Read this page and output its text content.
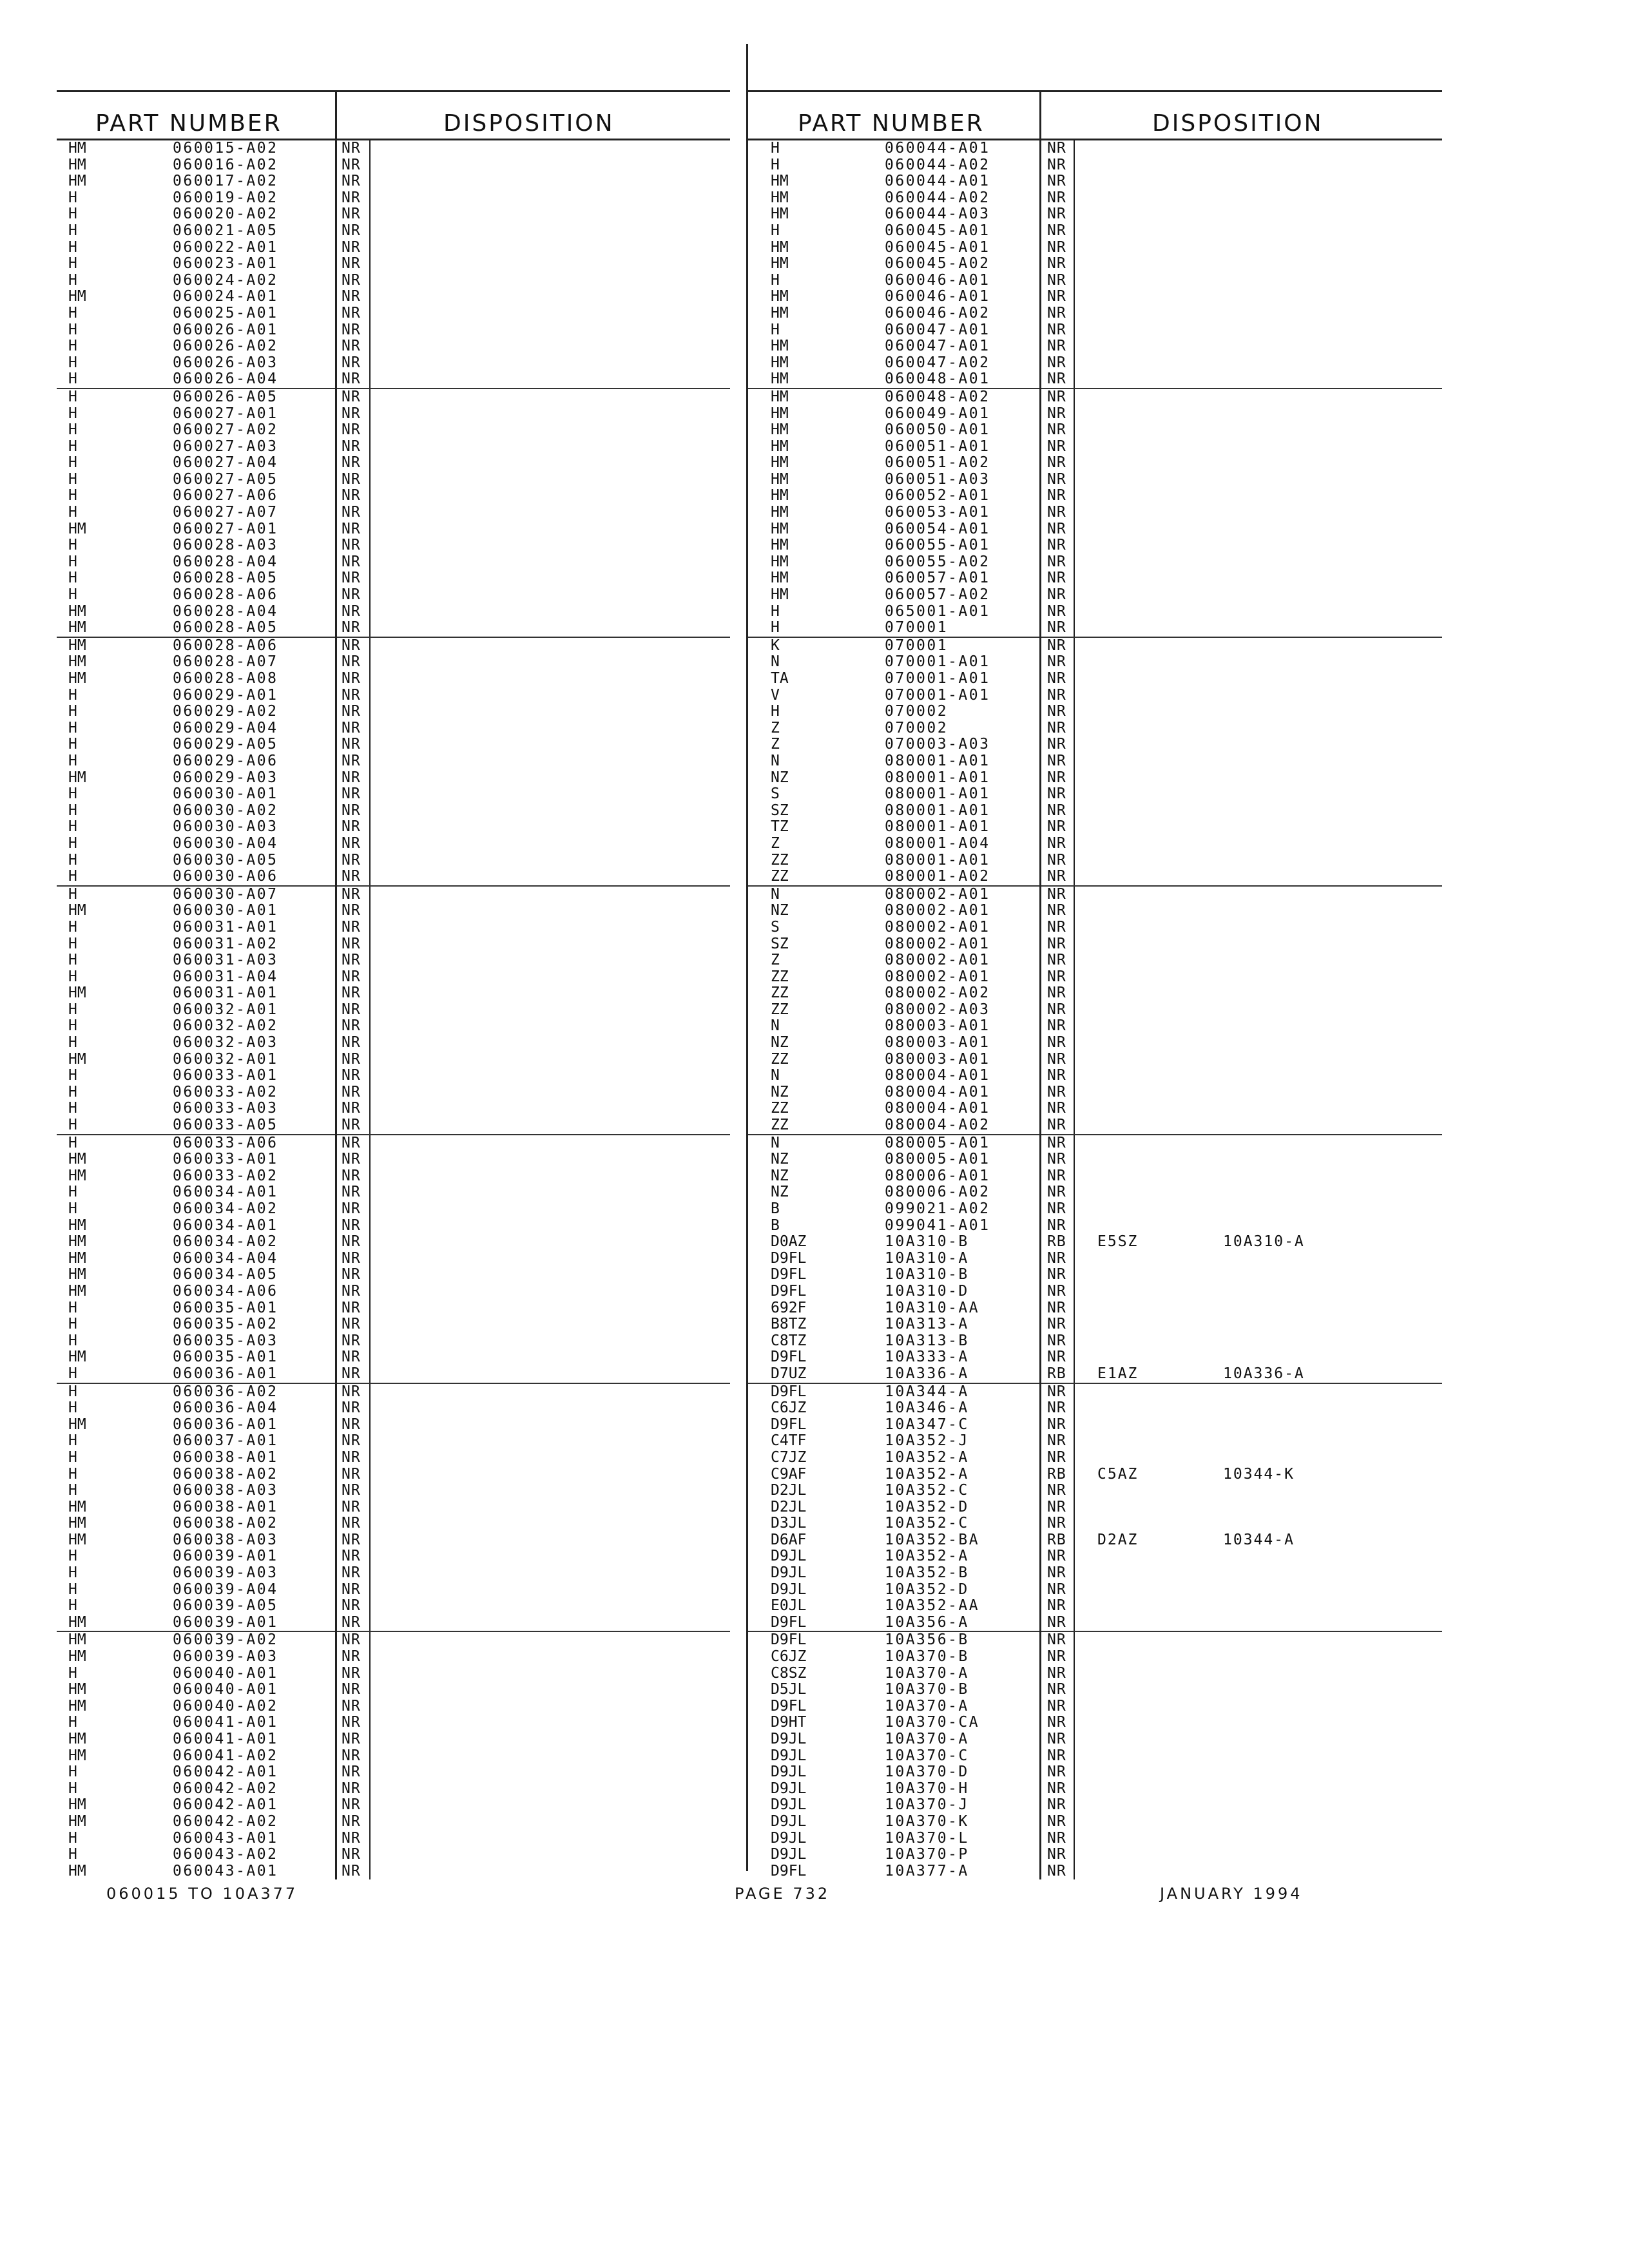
PART NUMBER	DISPOSITION
HM	060015-A02	NR
HM	060016-A02	NR
HM	060017-A02	NR
H	060019-A02	NR
H	060020-A02	NR
H	060021-A05	NR
H	060022-A01	NR
H	060023-A01	NR
H	060024-A02	NR
HM	060024-A01	NR
H	060025-A01	NR
H	060026-A01	NR
H	060026-A02	NR
H	060026-A03	NR
H	060026-A04	NR
H	060026-A05	NR
H	060027-A01	NR
H	060027-A02	NR
H	060027-A03	NR
H	060027-A04	NR
H	060027-A05	NR
H	060027-A06	NR
H	060027-A07	NR
HM	060027-A01	NR
H	060028-A03	NR
H	060028-A04	NR
H	060028-A05	NR
H	060028-A06	NR
HM	060028-A04	NR
HM	060028-A05	NR
HM	060028-A06	NR
HM	060028-A07	NR
HM	060028-A08	NR
H	060029-A01	NR
H	060029-A02	NR
H	060029-A04	NR
H	060029-A05	NR
H	060029-A06	NR
HM	060029-A03	NR
H	060030-A01	NR
H	060030-A02	NR
H	060030-A03	NR
H	060030-A04	NR
H	060030-A05	NR
H	060030-A06	NR
H	060030-A07	NR
HM	060030-A01	NR
H	060031-A01	NR
H	060031-A02	NR
H	060031-A03	NR
H	060031-A04	NR
HM	060031-A01	NR
H	060032-A01	NR
H	060032-A02	NR
H	060032-A03	NR
HM	060032-A01	NR
H	060033-A01	NR
H	060033-A02	NR
H	060033-A03	NR
H	060033-A05	NR
H	060033-A06	NR
HM	060033-A01	NR
HM	060033-A02	NR
H	060034-A01	NR
H	060034-A02	NR
HM	060034-A01	NR
HM	060034-A02	NR
HM	060034-A04	NR
HM	060034-A05	NR
HM	060034-A06	NR
H	060035-A01	NR
H	060035-A02	NR
H	060035-A03	NR
HM	060035-A01	NR
H	060036-A01	NR
H	060036-A02	NR
H	060036-A04	NR
HM	060036-A01	NR
H	060037-A01	NR
H	060038-A01	NR
H	060038-A02	NR
H	060038-A03	NR
HM	060038-A01	NR
HM	060038-A02	NR
HM	060038-A03	NR
H	060039-A01	NR
H	060039-A03	NR
H	060039-A04	NR
H	060039-A05	NR
HM	060039-A01	NR
HM	060039-A02	NR
HM	060039-A03	NR
H	060040-A01	NR
HM	060040-A01	NR
HM	060040-A02	NR
H	060041-A01	NR
HM	060041-A01	NR
HM	060041-A02	NR
H	060042-A01	NR
H	060042-A02	NR
HM	060042-A01	NR
HM	060042-A02	NR
H	060043-A01	NR
H	060043-A02	NR
HM	060043-A01	NR
PART NUMBER	DISPOSITION
H	060044-A01	NR
H	060044-A02	NR
HM	060044-A01	NR
HM	060044-A02	NR
HM	060044-A03	NR
H	060045-A01	NR
HM	060045-A01	NR
HM	060045-A02	NR
H	060046-A01	NR
HM	060046-A01	NR
HM	060046-A02	NR
H	060047-A01	NR
HM	060047-A01	NR
HM	060047-A02	NR
HM	060048-A01	NR
HM	060048-A02	NR
HM	060049-A01	NR
HM	060050-A01	NR
HM	060051-A01	NR
HM	060051-A02	NR
HM	060051-A03	NR
HM	060052-A01	NR
HM	060053-A01	NR
HM	060054-A01	NR
HM	060055-A01	NR
HM	060055-A02	NR
HM	060057-A01	NR
HM	060057-A02	NR
H	065001-A01	NR
H	070001	NR
K	070001	NR
N	070001-A01	NR
TA	070001-A01	NR
V	070001-A01	NR
H	070002	NR
Z	070002	NR
Z	070003-A03	NR
N	080001-A01	NR
NZ	080001-A01	NR
S	080001-A01	NR
SZ	080001-A01	NR
TZ	080001-A01	NR
Z	080001-A04	NR
ZZ	080001-A01	NR
ZZ	080001-A02	NR
N	080002-A01	NR
NZ	080002-A01	NR
S	080002-A01	NR
SZ	080002-A01	NR
Z	080002-A01	NR
ZZ	080002-A01	NR
ZZ	080002-A02	NR
ZZ	080002-A03	NR
N	080003-A01	NR
NZ	080003-A01	NR
ZZ	080003-A01	NR
N	080004-A01	NR
NZ	080004-A01	NR
ZZ	080004-A01	NR
ZZ	080004-A02	NR
N	080005-A01	NR
NZ	080005-A01	NR
NZ	080006-A01	NR
NZ	080006-A02	NR
B	099021-A02	NR
B	099041-A01	NR
D0AZ	10A310-B	RB E5SZ	10A310-A
D9FL	10A310-A	NR
D9FL	10A310-B	NR
D9FL	10A310-D	NR
692F	10A310-AA	NR
B8TZ	10A313-A	NR
C8TZ	10A313-B	NR
D9FL	10A333-A	NR
D7UZ	10A336-A	RB E1AZ	10A336-A
D9FL	10A344-A	NR
C6JZ	10A346-A	NR
D9FL	10A347-C	NR
C4TF	10A352-J	NR
C7JZ	10A352-A	NR
C9AF	10A352-A	RB C5AZ	10344-K
D2JL	10A352-C	NR
D2JL	10A352-D	NR
D3JL	10A352-C	NR
D6AF	10A352-BA	RB D2AZ	10344-A
D9JL	10A352-A	NR
D9JL	10A352-B	NR
D9JL	10A352-D	NR
E0JL	10A352-AA	NR
D9FL	10A356-A	NR
D9FL	10A356-B	NR
C6JZ	10A370-B	NR
C8SZ	10A370-A	NR
D5JL	10A370-B	NR
D9FL	10A370-A	NR
D9HT	10A370-CA	NR
D9JL	10A370-A	NR
D9JL	10A370-C	NR
D9JL	10A370-D	NR
D9JL	10A370-H	NR
D9JL	10A370-J	NR
D9JL	10A370-K	NR
D9JL	10A370-L	NR
D9JL	10A370-P	NR
D9FL	10A377-A	NR
060015 TO 10A377	PAGE 732	JANUARY 1994
